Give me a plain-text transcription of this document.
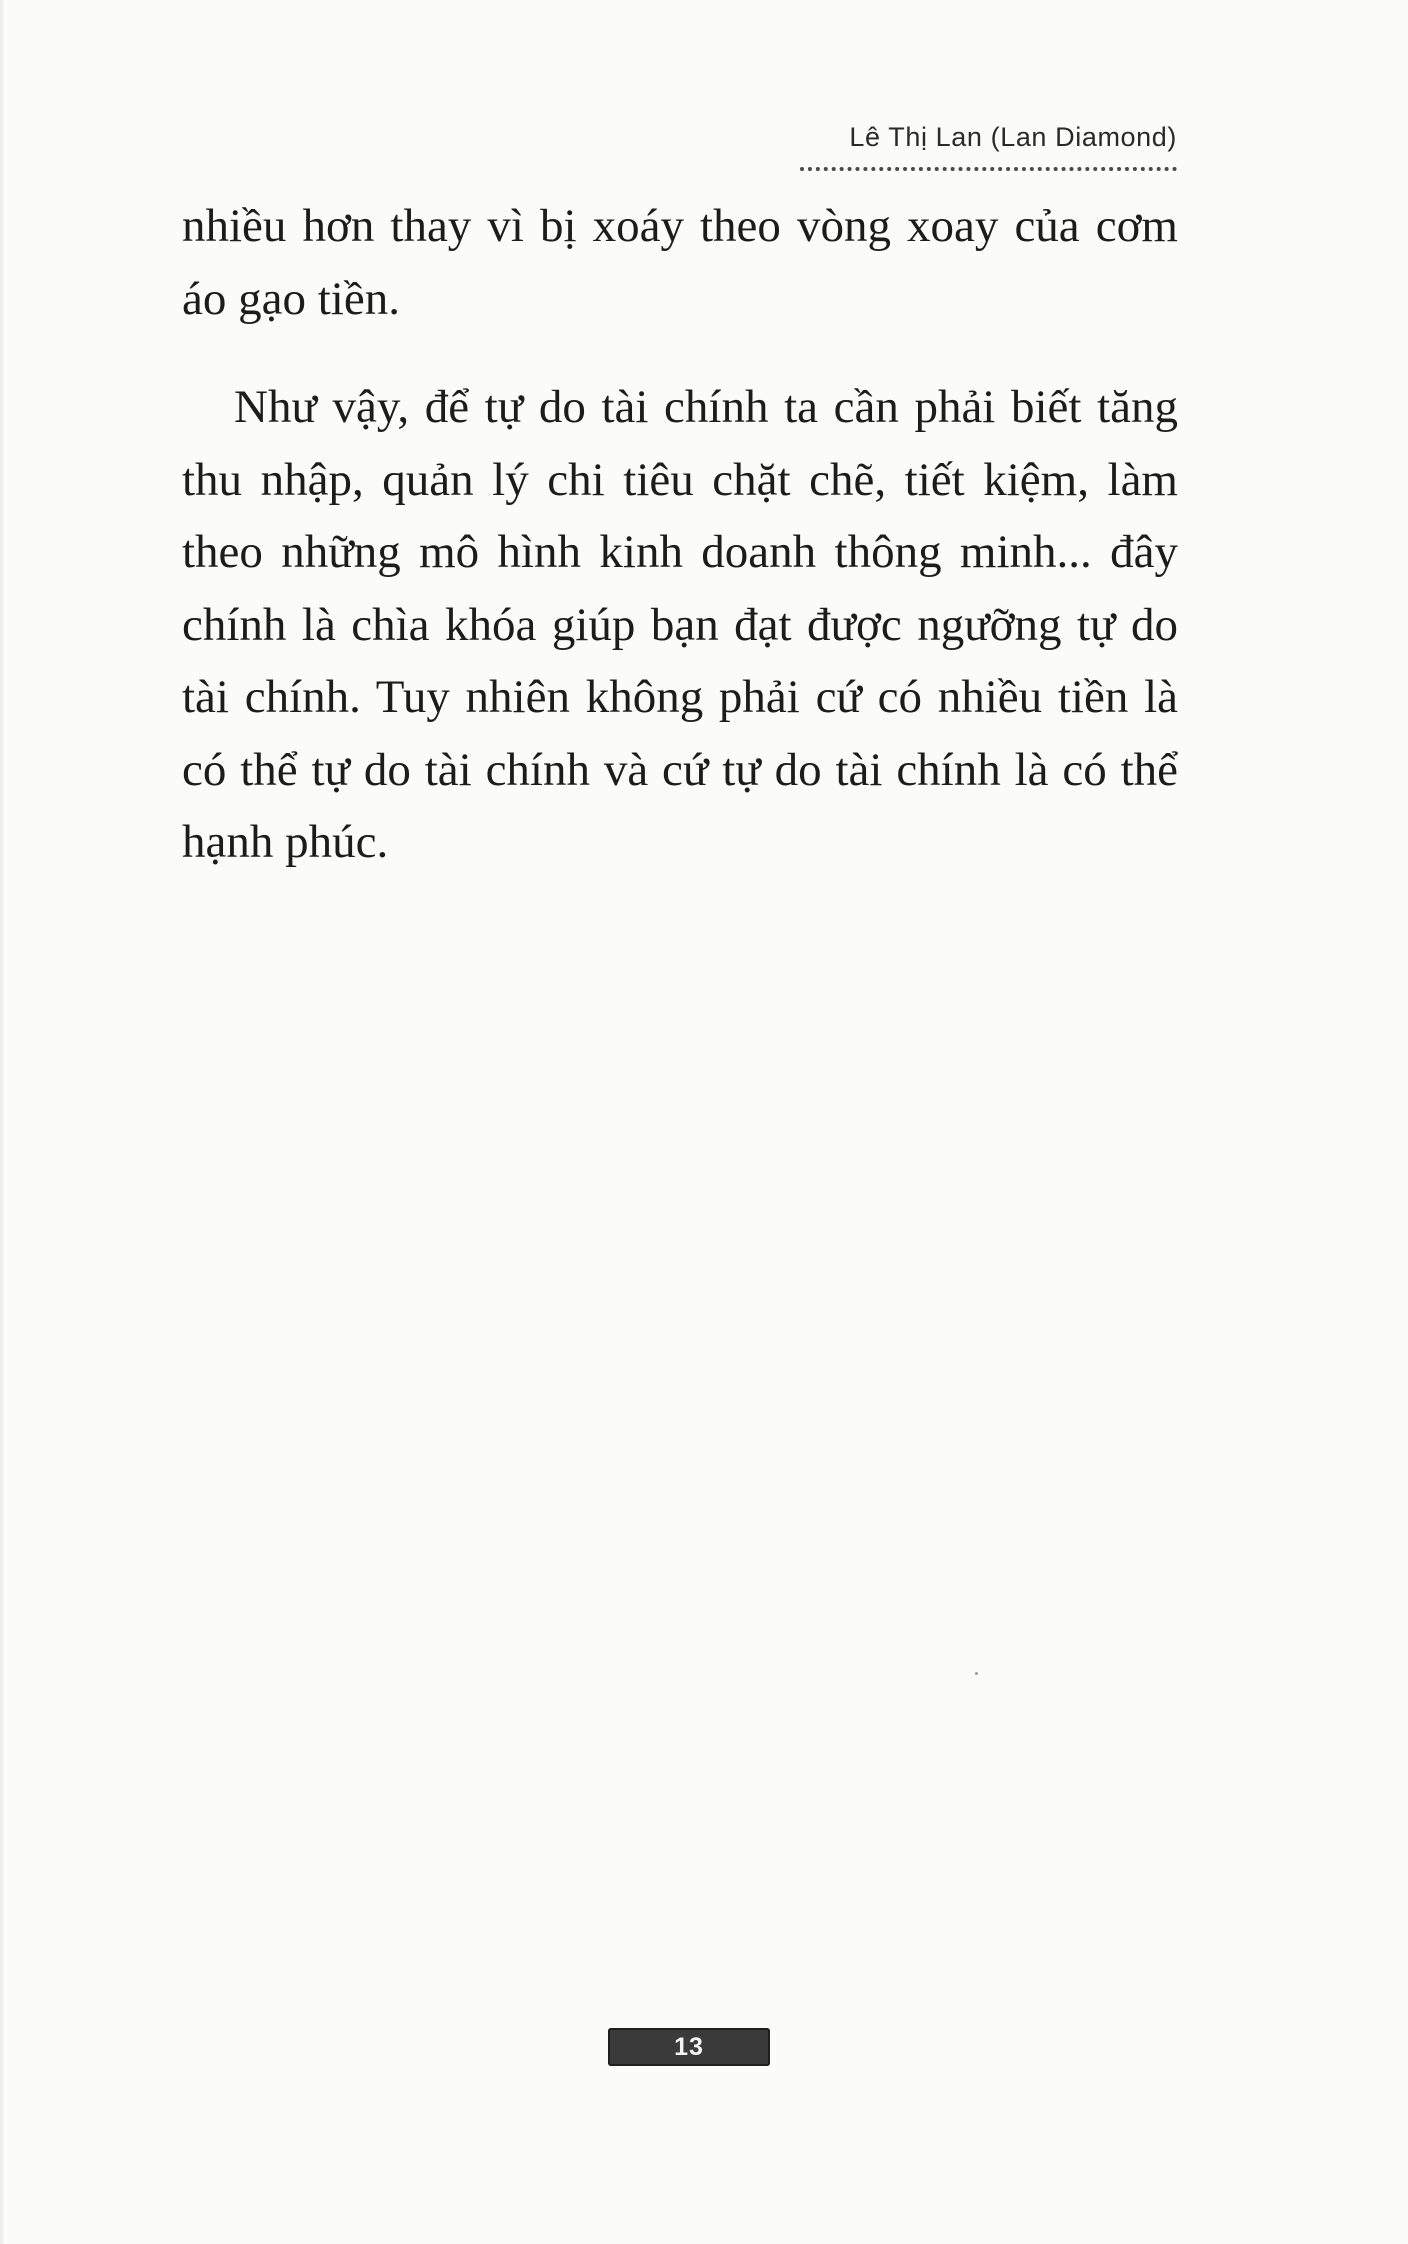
Lê Thị Lan (Lan Diamond)

nhiều hơn thay vì bị xoáy theo vòng xoay của cơm áo gạo tiền.

Như vậy, để tự do tài chính ta cần phải biết tăng thu nhập, quản lý chi tiêu chặt chẽ, tiết kiệm, làm theo những mô hình kinh doanh thông minh... đây chính là chìa khóa giúp bạn đạt được ngưỡng tự do tài chính. Tuy nhiên không phải cứ có nhiều tiền là có thể tự do tài chính và cứ tự do tài chính là có thể hạnh phúc.

13
